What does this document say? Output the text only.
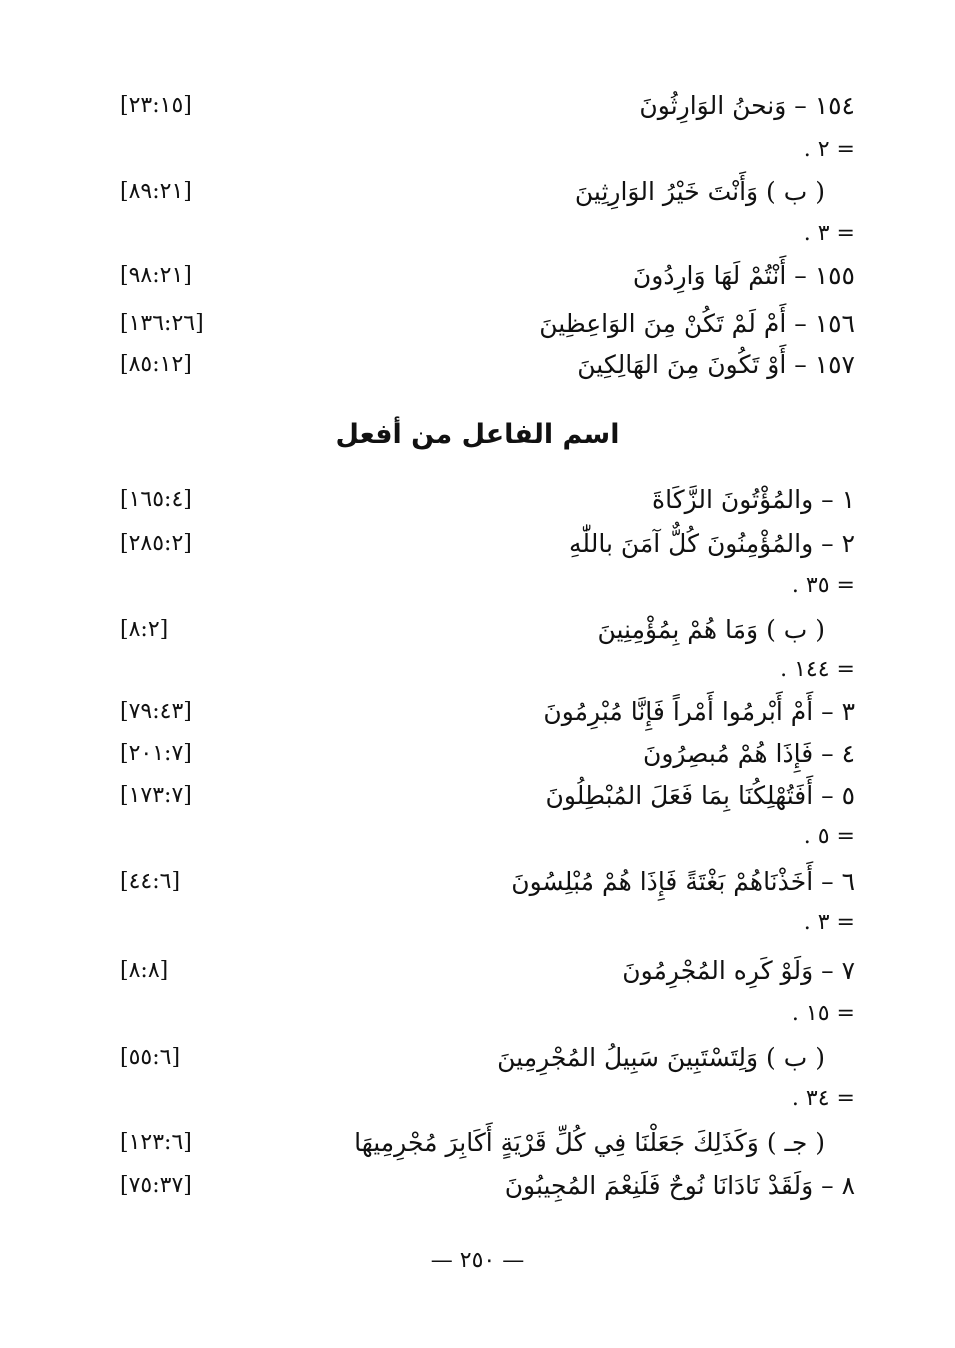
[٢٣:١٥]	١٥٤ – وَنحنُ الوَارِثُونَ
= ٢ .
[٨٩:٢١]	( ب ) وَأَنْتَ خَيْرُ الوَارِثِينَ
= ٣ .
[٩٨:٢١]	١٥٥ – أَنْتُمْ لَهَا وَارِدُونَ
[١٣٦:٢٦]	١٥٦ – أَمْ لَمْ تَكُنْ مِنَ الوَاعِظِينَ
[٨٥:١٢]	١٥٧ – أَوْ تَكُونَ مِنَ الهَالِكِينَ
اسم الفاعل من أفعل
[١٦٥:٤]	١ – والمُؤْتُونَ الزَّكَاةَ
[٢٨٥:٢]	٢ – والمُؤْمِنُونَ كُلٌّ آمَنَ باللّٰهِ
= ٣٥ .
[٨:٢]	( ب ) وَمَا هُمْ بِمُؤْمِنِينَ
= ١٤٤ .
[٧٩:٤٣]	٣ – أَمْ أَبْرمُوا أَمْراً فَإِنَّا مُبْرِمُونَ
[٢٠١:٧]	٤ – فَإِذَا هُمْ مُبصِرُونَ
[١٧٣:٧]	٥ – أَفَتُهْلِكُنَا بِمَا فَعَلَ المُبْطِلُونَ
= ٥ .
[٤٤:٦]	٦ – أَخَذْنَاهُمْ بَغْتَةً فَإِذَا هُمْ مُبْلِسُونَ
= ٣ .
[٨:٨]	٧ – وَلَوْ كَرِه المُجْرِمُونَ
= ١٥ .
[٥٥:٦]	( ب ) وَلِتَسْتَبِينَ سَبِيلُ المُجْرِمِينَ
= ٣٤ .
[١٢٣:٦]	( جـ ) وَكَذَلِكَ جَعَلْنَا فِي كُلِّ قَرْيَةٍ أَكَابِرَ مُجْرِمِيهَا
[٧٥:٣٧]	٨ – وَلَقَدْ نَادَانَا نُوحٌ فَلَنِعْمَ المُجِيبُونَ
— ٢٥٠ —
